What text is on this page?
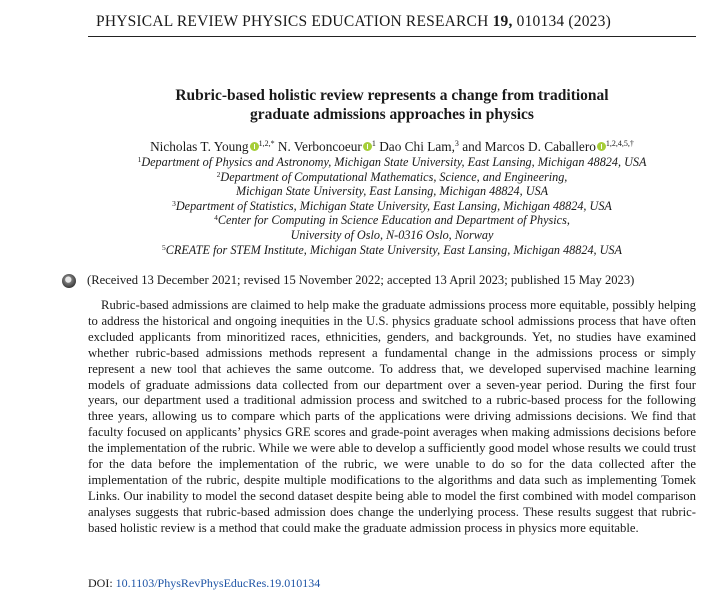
PHYSICAL REVIEW PHYSICS EDUCATION RESEARCH 19, 010134 (2023)
Rubric-based holistic review represents a change from traditional
graduate admissions approaches in physics
Nicholas T. Young $^{1,2,*}$ N. Verboncoeur $^1$ Dao Chi Lam,$^3$ and Marcos D. Caballero $^{1,2,4,5,\dagger}$
$^1$Department of Physics and Astronomy, Michigan State University, East Lansing, Michigan 48824, USA
$^2$Department of Computational Mathematics, Science, and Engineering,
Michigan State University, East Lansing, Michigan 48824, USA
$^3$Department of Statistics, Michigan State University, East Lansing, Michigan 48824, USA
$^4$Center for Computing in Science Education and Department of Physics,
University of Oslo, N-0316 Oslo, Norway
$^5$CREATE for STEM Institute, Michigan State University, East Lansing, Michigan 48824, USA
(Received 13 December 2021; revised 15 November 2022; accepted 13 April 2023; published 15 May 2023)

Rubric-based admissions are claimed to help make the graduate admissions process more equitable, possibly helping to address the historical and ongoing inequities in the U.S. physics graduate school admissions process that have often excluded applicants from minoritized races, ethnicities, genders, and backgrounds. Yet, no studies have examined whether rubric-based admissions methods represent a fundamental change in the admissions process or simply represent a new tool that achieves the same outcome. To address that, we developed supervised machine learning models of graduate admissions data collected from our department over a seven-year period. During the first four years, our department used a traditional admission process and switched to a rubric-based process for the following three years, allowing us to compare which parts of the applications were driving admissions decisions. We find that faculty focused on applicants’ physics GRE scores and grade-point averages when making admissions decisions before the implementation of the rubric. While we were able to develop a sufficiently good model whose results we could trust for the data before the implementation of the rubric, we were unable to do so for the data collected after the implementation of the rubric, despite multiple modifications to the algorithms and data such as implementing Tomek Links. Our inability to model the second dataset despite being able to model the first combined with model comparison analyses suggests that rubric-based admission does change the underlying process. These results suggest that rubric-based holistic review is a method that could make the graduate admission process in physics more equitable.

DOI: 10.1103/PhysRevPhysEducRes.19.010134
